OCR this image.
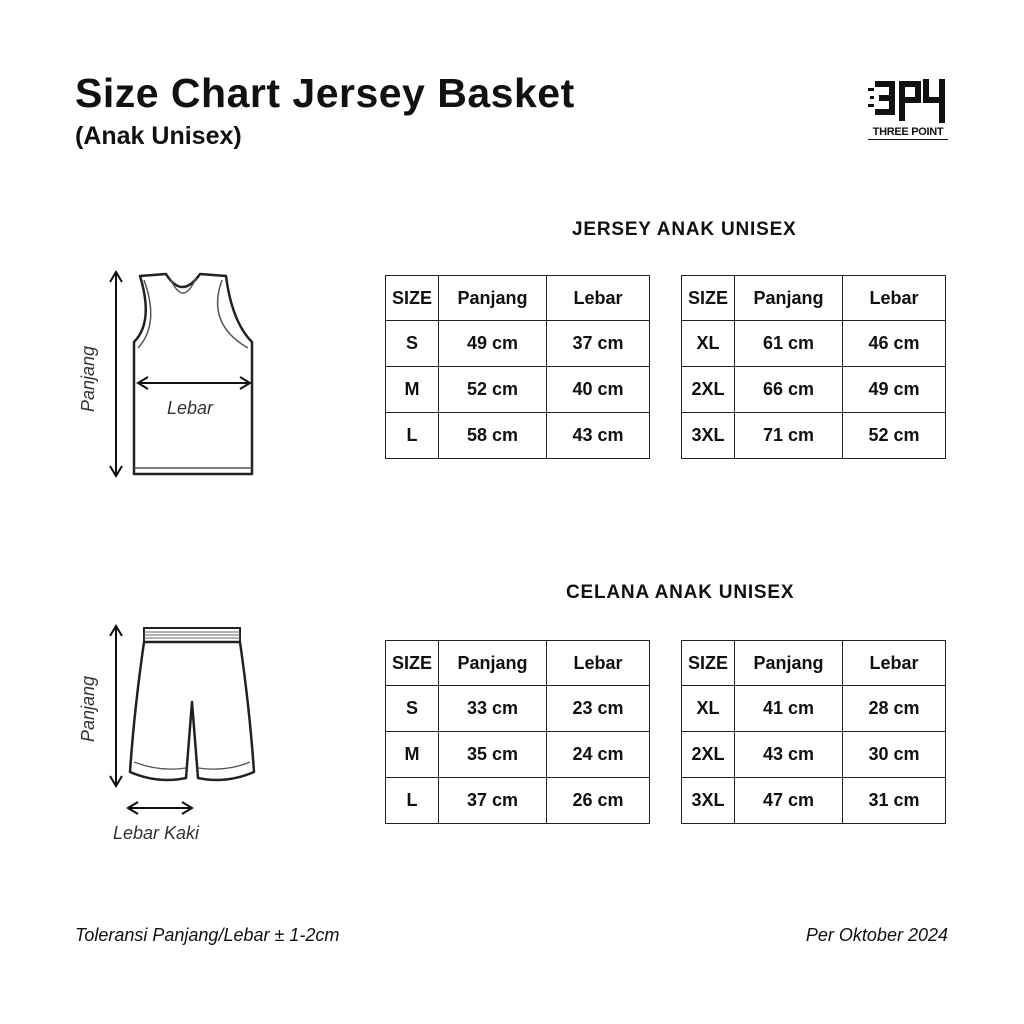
Size Chart Jersey Basket
(Anak Unisex)	THREE POINT
JERSEY ANAK UNISEX
Panjang	Lebar
SIZE	Panjang	Lebar
S	49 cm	37 cm
M	52 cm	40 cm
L	58 cm	43 cm
SIZE	Panjang	Lebar
XL	61 cm	46 cm
2XL	66 cm	49 cm
3XL	71 cm	52 cm
CELANA ANAK UNISEX
Panjang
Lebar Kaki
SIZE	Panjang	Lebar
S	33 cm	23 cm
M	35 cm	24 cm
L	37 cm	26 cm
SIZE	Panjang	Lebar
XL	41 cm	28 cm
2XL	43 cm	30 cm
3XL	47 cm	31 cm
Toleransi Panjang/Lebar ± 1-2cm	Per Oktober 2024
